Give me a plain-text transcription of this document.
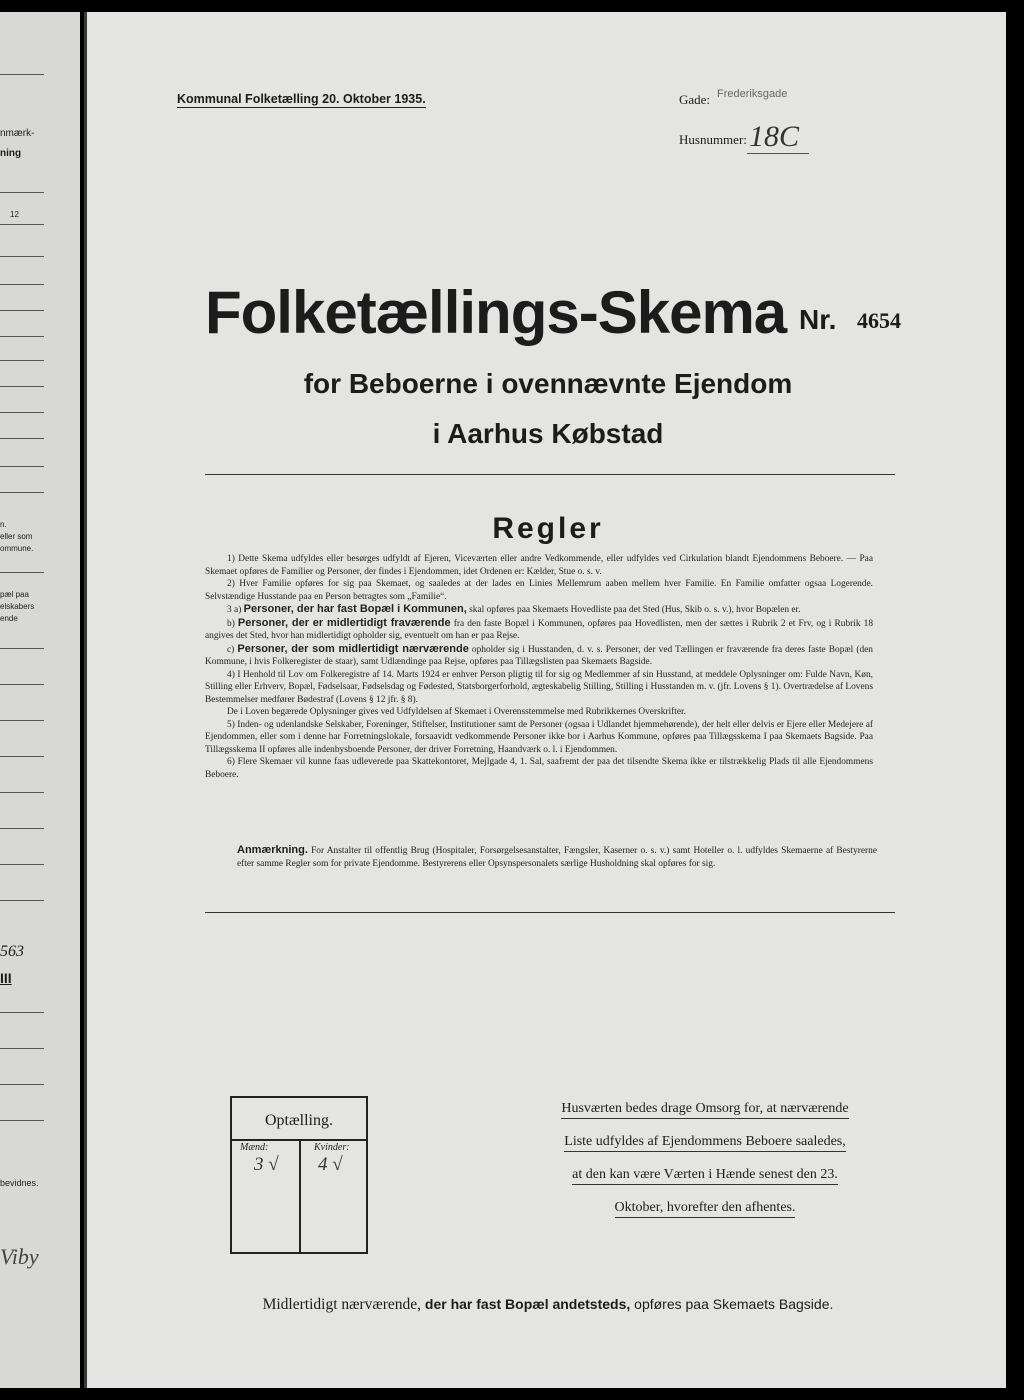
nmærk-
ning
12
n.
eller som
ommune.
pæl paa
elskabers
ende
563
III
bevidnes.
Viby
Kommunal Folketælling 20. Oktober 1935.	Gade: Frederiksgade
Husnummer: 18C
Folketællings-Skema Nr. 4654
for Beboerne i ovennævnte Ejendom
i Aarhus Købstad
Regler

1) Dette Skema udfyldes eller besørges udfyldt af Ejeren, Viceværten eller andre Vedkommende, eller udfyldes ved Cirkulation blandt Ejendommens Beboere. — Paa Skemaet opføres de Familier og Personer, der findes i Ejendommen, idet Ordenen er: Kælder, Stue o. s. v.

2) Hver Familie opføres for sig paa Skemaet, og saaledes at der lades en Linies Mellemrum aaben mellem hver Familie. En Familie omfatter ogsaa Logerende. Selvstændige Husstande paa en Person betragtes som „Familie“.

3 a) Personer, der har fast Bopæl i Kommunen, skal opføres paa Skemaets Hovedliste paa det Sted (Hus, Skib o. s. v.), hvor Bopælen er.

b) Personer, der er midlertidigt fraværende fra den faste Bopæl i Kommunen, opføres paa Hovedlisten, men der sættes i Rubrik 2 et Frv, og i Rubrik 18 angives det Sted, hvor han midlertidigt opholder sig, eventuelt om han er paa Rejse.

c) Personer, der som midlertidigt nærværende opholder sig i Husstanden, d. v. s. Personer, der ved Tællingen er fraværende fra deres faste Bopæl (den Kommune, i hvis Folkeregister de staar), samt Udlændinge paa Rejse, opføres paa Tillægslisten paa Skemaets Bagside.

4) I Henhold til Lov om Folkeregistre af 14. Marts 1924 er enhver Person pligtig til for sig og Medlemmer af sin Husstand, at meddele Oplysninger om: Fulde Navn, Køn, Stilling eller Erhverv, Bopæl, Fødselsaar, Fødselsdag og Fødested, Statsborgerforhold, ægteskabelig Stilling, Stilling i Husstanden m. v. (jfr. Lovens § 1). Overtrædelse af Lovens Bestemmelser medfører Bødestraf (Lovens § 12 jfr. § 8).

De i Loven begærede Oplysninger gives ved Udfyldelsen af Skemaet i Overensstemmelse med Rubrikkernes Overskrifter.

5) Inden- og udenlandske Selskaber, Foreninger, Stiftelser, Institutioner samt de Personer (ogsaa i Udlandet hjemmehørende), der helt eller delvis er Ejere eller Medejere af Ejendommen, eller som i denne har Forretningslokale, forsaavidt vedkommende Personer ikke bor i Aarhus Kommune, opføres paa Tillægsskema I paa Skemaets Bagside. Paa Tillægsskema II opføres alle indenbysboende Personer, der driver Forretning, Haandværk o. l. i Ejendommen.

6) Flere Skemaer vil kunne faas udleverede paa Skattekontoret, Mejlgade 4, 1. Sal, saafremt der paa det tilsendte Skema ikke er tilstrækkelig Plads til alle Ejendommens Beboere.

Anmærkning. For Anstalter til offentlig Brug (Hospitaler, Forsørgelsesanstalter, Fængsler, Kaserner o. s. v.) samt Hoteller o. l. udfyldes Skemaerne af Bestyrerne efter samme Regler som for private Ejendomme. Bestyrerens eller Opsynspersonalets særlige Husholdning skal opføres for sig.
Optælling.
Mænd:
3 √
Kvinder:
4 √
Husværten bedes drage Omsorg for, at nærværende
Liste udfyldes af Ejendommens Beboere saaledes,
at den kan være Værten i Hænde senest den 23.
Oktober, hvorefter den afhentes.
Midlertidigt nærværende, der har fast Bopæl andetsteds, opføres paa Skemaets Bagside.
